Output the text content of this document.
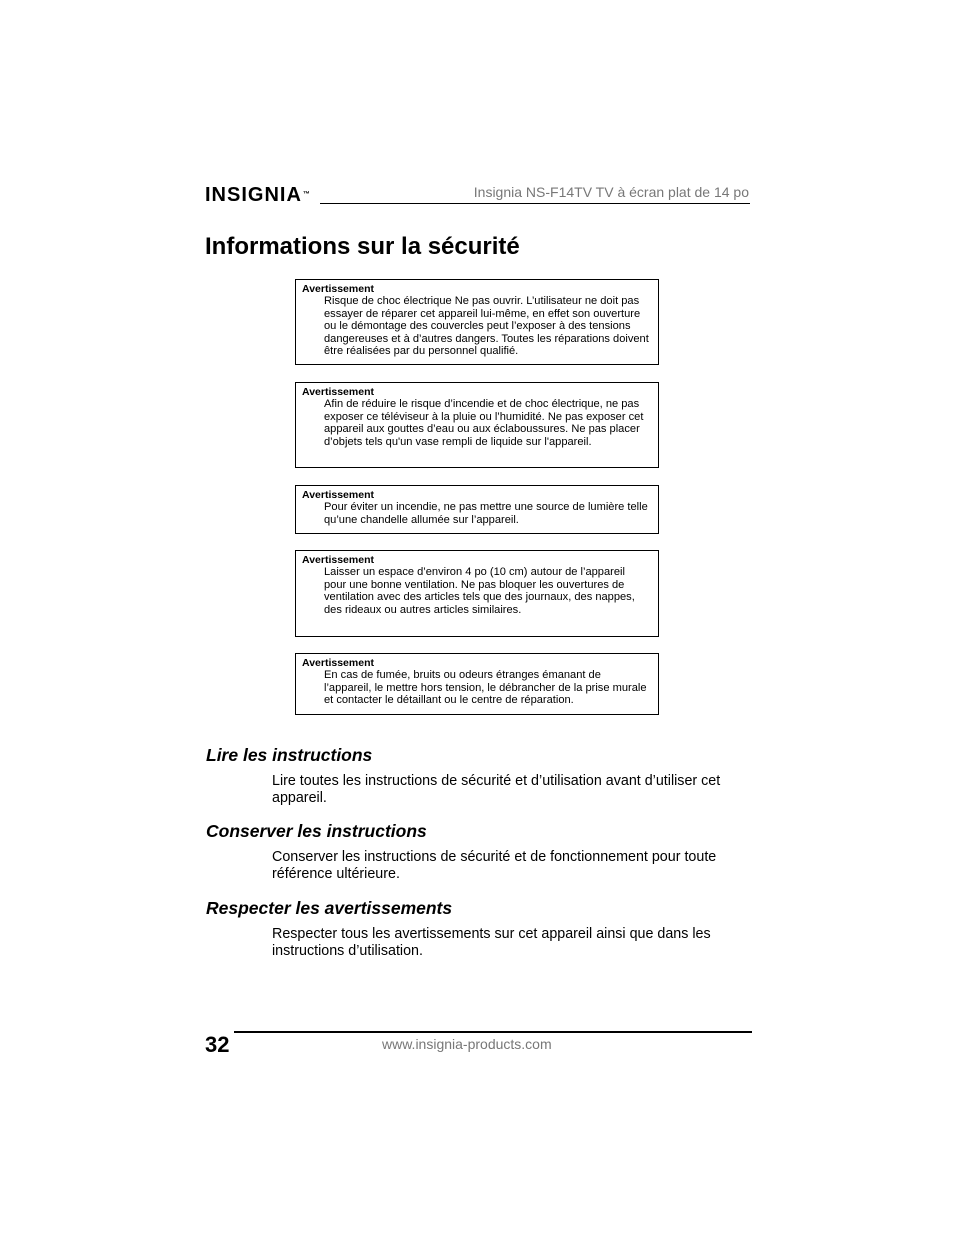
INSIGNIA™	Insignia NS-F14TV TV à écran plat de 14 po
Informations sur la sécurité
Avertissement
Risque de choc électrique Ne pas ouvrir. L’utilisateur ne doit pas essayer de réparer cet appareil lui-même, en effet son ouverture ou le démontage des couvercles peut l’exposer à des tensions dangereuses et à d’autres dangers. Toutes les réparations doivent être réalisées par du personnel qualifié.
Avertissement
Afin de réduire le risque d’incendie et de choc électrique, ne pas exposer ce téléviseur à la pluie ou l’humidité. Ne pas exposer cet appareil aux gouttes d’eau ou aux éclaboussures. Ne pas placer d’objets tels qu'un vase rempli de liquide sur l'appareil.
Avertissement
Pour éviter un incendie, ne pas mettre une source de lumière telle qu’une chandelle allumée sur l’appareil.
Avertissement
Laisser un espace d’environ 4 po (10 cm) autour de l’appareil pour une bonne ventilation. Ne pas bloquer les ouvertures de ventilation avec des articles tels que des journaux, des nappes, des rideaux ou autres articles similaires.
Avertissement
En cas de fumée, bruits ou odeurs étranges émanant de l’appareil, le mettre hors tension, le débrancher de la prise murale et contacter le détaillant ou le centre de réparation.
Lire les instructions

Lire toutes les instructions de sécurité et d’utilisation avant d’utiliser cet appareil.

Conserver les instructions

Conserver les instructions de sécurité et de fonctionnement pour toute référence ultérieure.

Respecter les avertissements

Respecter tous les avertissements sur cet appareil ainsi que dans les instructions d’utilisation.

32	www.insignia-products.com
